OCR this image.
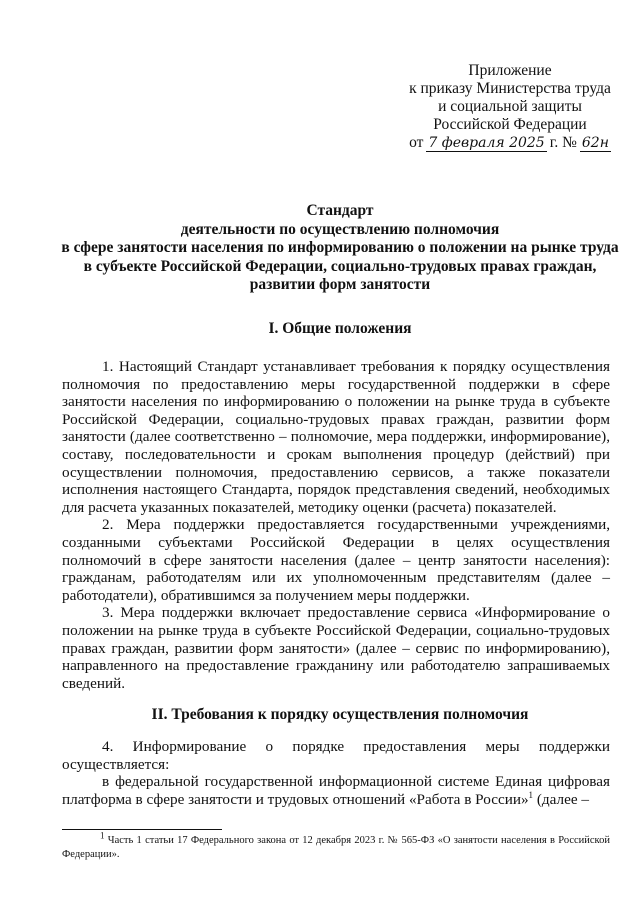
Приложение
к приказу Министерства труда
и социальной защиты
Российской Федерации
от 7 февраля 2025 г. № 62н
Стандарт
деятельности по осуществлению полномочия
в сфере занятости населения по информированию о положении на рынке труда
в субъекте Российской Федерации, социально-трудовых правах граждан,
развитии форм занятости
I. Общие положения

1. Настоящий Стандарт устанавливает требования к порядку осуществления полномочия по предоставлению меры государственной поддержки в сфере занятости населения по информированию о положении на рынке труда в субъекте Российской Федерации, социально-трудовых правах граждан, развитии форм занятости (далее соответственно – полномочие, мера поддержки, информирование), составу, последовательности и срокам выполнения процедур (действий) при осуществлении полномочия, предоставлению сервисов, а также показатели исполнения настоящего Стандарта, порядок представления сведений, необходимых для расчета указанных показателей, методику оценки (расчета) показателей.

2. Мера поддержки предоставляется государственными учреждениями, созданными субъектами Российской Федерации в целях осуществления полномочий в сфере занятости населения (далее – центр занятости населения): гражданам, работодателям или их уполномоченным представителям (далее – работодатели), обратившимся за получением меры поддержки.

3. Мера поддержки включает предоставление сервиса «Информирование о положении на рынке труда в субъекте Российской Федерации, социально-трудовых правах граждан, развитии форм занятости» (далее – сервис по информированию), направленного на предоставление гражданину или работодателю запрашиваемых сведений.

II. Требования к порядку осуществления полномочия

4. Информирование о порядке предоставления меры поддержки осуществляется:

в федеральной государственной информационной системе Единая цифровая платформа в сфере занятости и трудовых отношений «Работа в России»$^1$ (далее –

$^1$ Часть 1 статьи 17 Федерального закона от 12 декабря 2023 г. № 565-ФЗ «О занятости населения в Российской Федерации».
